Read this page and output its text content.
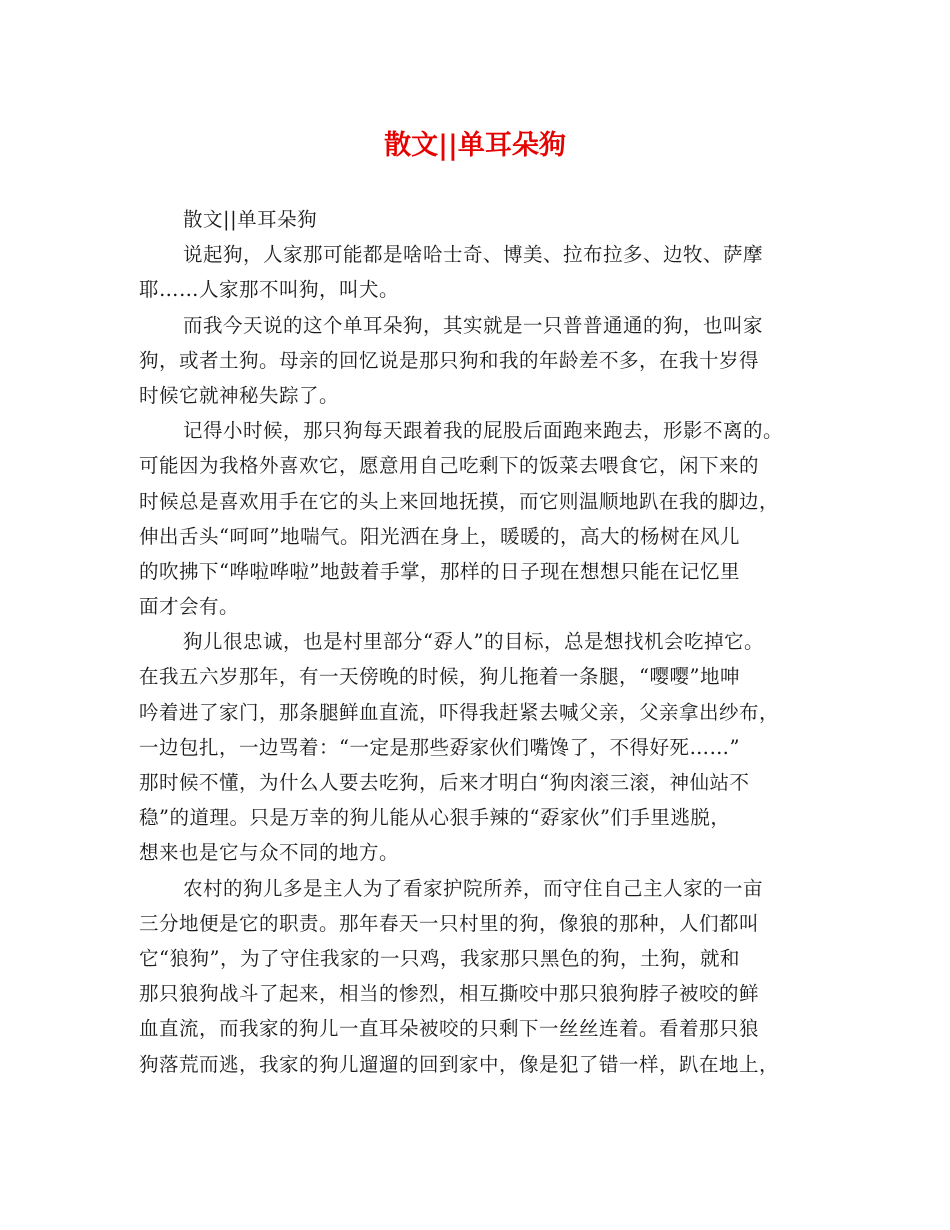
散文||单耳朵狗

散文||单耳朵狗

说起狗，人家那可能都是啥哈士奇、博美、拉布拉多、边牧、萨摩
耶……人家那不叫狗，叫犬。

而我今天说的这个单耳朵狗，其实就是一只普普通通的狗，也叫家
狗，或者土狗。母亲的回忆说是那只狗和我的年龄差不多，在我十岁得
时候它就神秘失踪了。

记得小时候，那只狗每天跟着我的屁股后面跑来跑去，形影不离的。
可能因为我格外喜欢它，愿意用自己吃剩下的饭菜去喂食它，闲下来的
时候总是喜欢用手在它的头上来回地抚摸，而它则温顺地趴在我的脚边，
伸出舌头“呵呵”地喘气。阳光洒在身上，暖暖的，高大的杨树在风儿
的吹拂下“哗啦哗啦”地鼓着手掌，那样的日子现在想想只能在记忆里
面才会有。

狗儿很忠诚，也是村里部分“孬人”的目标，总是想找机会吃掉它。
在我五六岁那年，有一天傍晚的时候，狗儿拖着一条腿，“嘤嘤”地呻
吟着进了家门，那条腿鲜血直流，吓得我赶紧去喊父亲，父亲拿出纱布，
一边包扎，一边骂着：“一定是那些孬家伙们嘴馋了，不得好死……”
那时候不懂，为什么人要去吃狗，后来才明白“狗肉滚三滚，神仙站不
稳”的道理。只是万幸的狗儿能从心狠手辣的“孬家伙”们手里逃脱，
想来也是它与众不同的地方。

农村的狗儿多是主人为了看家护院所养，而守住自己主人家的一亩
三分地便是它的职责。那年春天一只村里的狗，像狼的那种，人们都叫
它“狼狗”，为了守住我家的一只鸡，我家那只黑色的狗，土狗，就和
那只狼狗战斗了起来，相当的惨烈，相互撕咬中那只狼狗脖子被咬的鲜
血直流，而我家的狗儿一直耳朵被咬的只剩下一丝丝连着。看着那只狼
狗落荒而逃，我家的狗儿遛遛的回到家中，像是犯了错一样，趴在地上，
